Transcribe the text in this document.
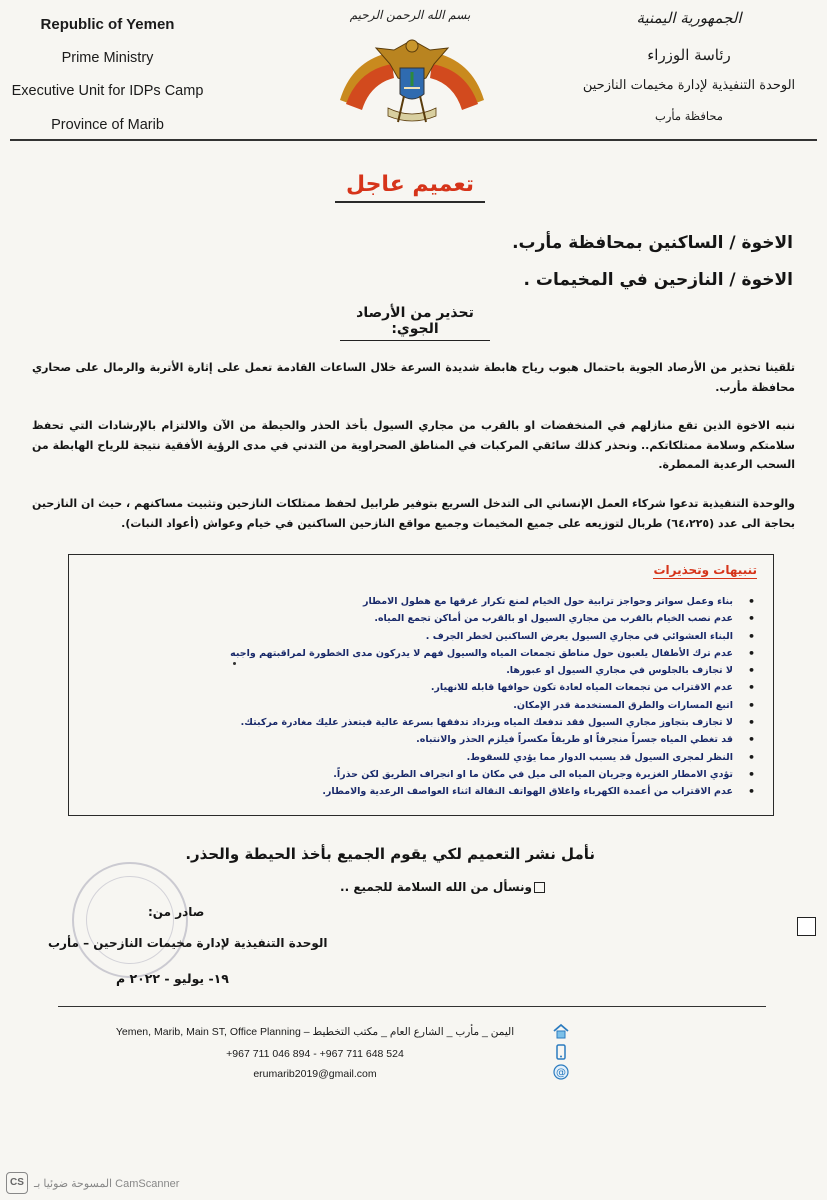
Republic of Yemen
Prime Ministry
Executive Unit for IDPs Camp
Province of Marib
بسم الله الرحمن الرحيم	الجمهورية اليمنية
رئاسة الوزراء
الوحدة التنفيذية لإدارة مخيمات النازحين
محافظة مأرب
تعميم عاجل
الاخوة / الساكنين بمحافظة مأرب.
الاخوة / النازحين في المخيمات .
تحذير من الأرصاد الجوي:
تلقينا تحذير من الأرصاد الجوية باحتمال هبوب رياح هابطة شديدة السرعة خلال الساعات القادمة تعمل على إثارة الأتربة والرمال على صحاري محافظة مأرب.
ننبه الاخوة الذين تقع منازلهم في المنخفضات او بالقرب من مجاري السيول بأخذ الحذر والحيطة من الآن والالتزام بالإرشادات التي تحفظ سلامتكم وسلامة ممتلكاتكم.. ونحذر كذلك سائقي المركبات في المناطق الصحراوية من التدني في مدى الرؤية الأفقية نتيجة للرياح الهابطة من السحب الرعدية الممطرة.
والوحدة التنفيذية تدعوا شركاء العمل الإنساني الى التدخل السريع بتوفير طرابيل لحفظ ممتلكات النازحين وتثبيت مساكنهم ، حيث ان النازحين بحاجة الى عدد (٦٤،٢٢٥) طربال لتوزيعه على جميع المخيمات وجميع مواقع النازحين الساكنين في خيام وعواش (أعواد النبات).
تنبيهات وتحذيرات
• بناء وعمل سواتر وحواجز ترابية حول الخيام لمنع تكرار غرقها مع هطول الامطار
• عدم نصب الخيام بالقرب من مجاري السيول او بالقرب من أماكن تجمع المياه.
• البناء العشوائي في مجاري السيول يعرض الساكنين لخطر الجرف .
• عدم ترك الأطفال يلعبون حول مناطق تجمعات المياه والسيول فهم لا يدركون مدى الخطورة لمراقبتهم واجبه
• لا تجازف بالجلوس في مجاري السيول او عبورها.
• عدم الاقتراب من تجمعات المياه لعادة تكون حوافها قابله للانهيار.
• اتبع المسارات والطرق المستخدمة قدر الإمكان.
• لا تجازف بتجاوز مجاري السيول فقد تدفعك المياه ويزداد تدفقها بسرعة عالية فيتعذر عليك مغادرة مركبتك.
• قد تغطي المياه جسراً منجرفاً او طريقاً مكسراً فيلزم الحذر والانتباه.
• النظر لمجرى السيول قد يسبب الدوار مما يؤدي للسقوط.
• تؤدي الامطار الغزيرة وجريان المياه الى ميل في مكان ما او انجراف الطريق لكن حذراً.
• عدم الاقتراب من أعمدة الكهرباء واغلاق الهواتف النقالة اثناء العواصف الرعدية والامطار.
نأمل نشر التعميم لكي يقوم الجميع بأخذ الحيطة والحذر.
ونسأل من الله السلامة للجميع ..
صادر من:
الوحدة التنفيذية لإدارة مخيمات النازحين – مأرب
١٩- يوليو - ٢٠٢٢ م
Yemen, Marib, Main ST, Office Planning – اليمن _ مأرب _ الشارع العام _ مكتب التخطيط
+967 711 046 894 - +967 711 648 524
erumarib2019@gmail.com	@
CS المسوحة ضوئيا بـ CamScanner
